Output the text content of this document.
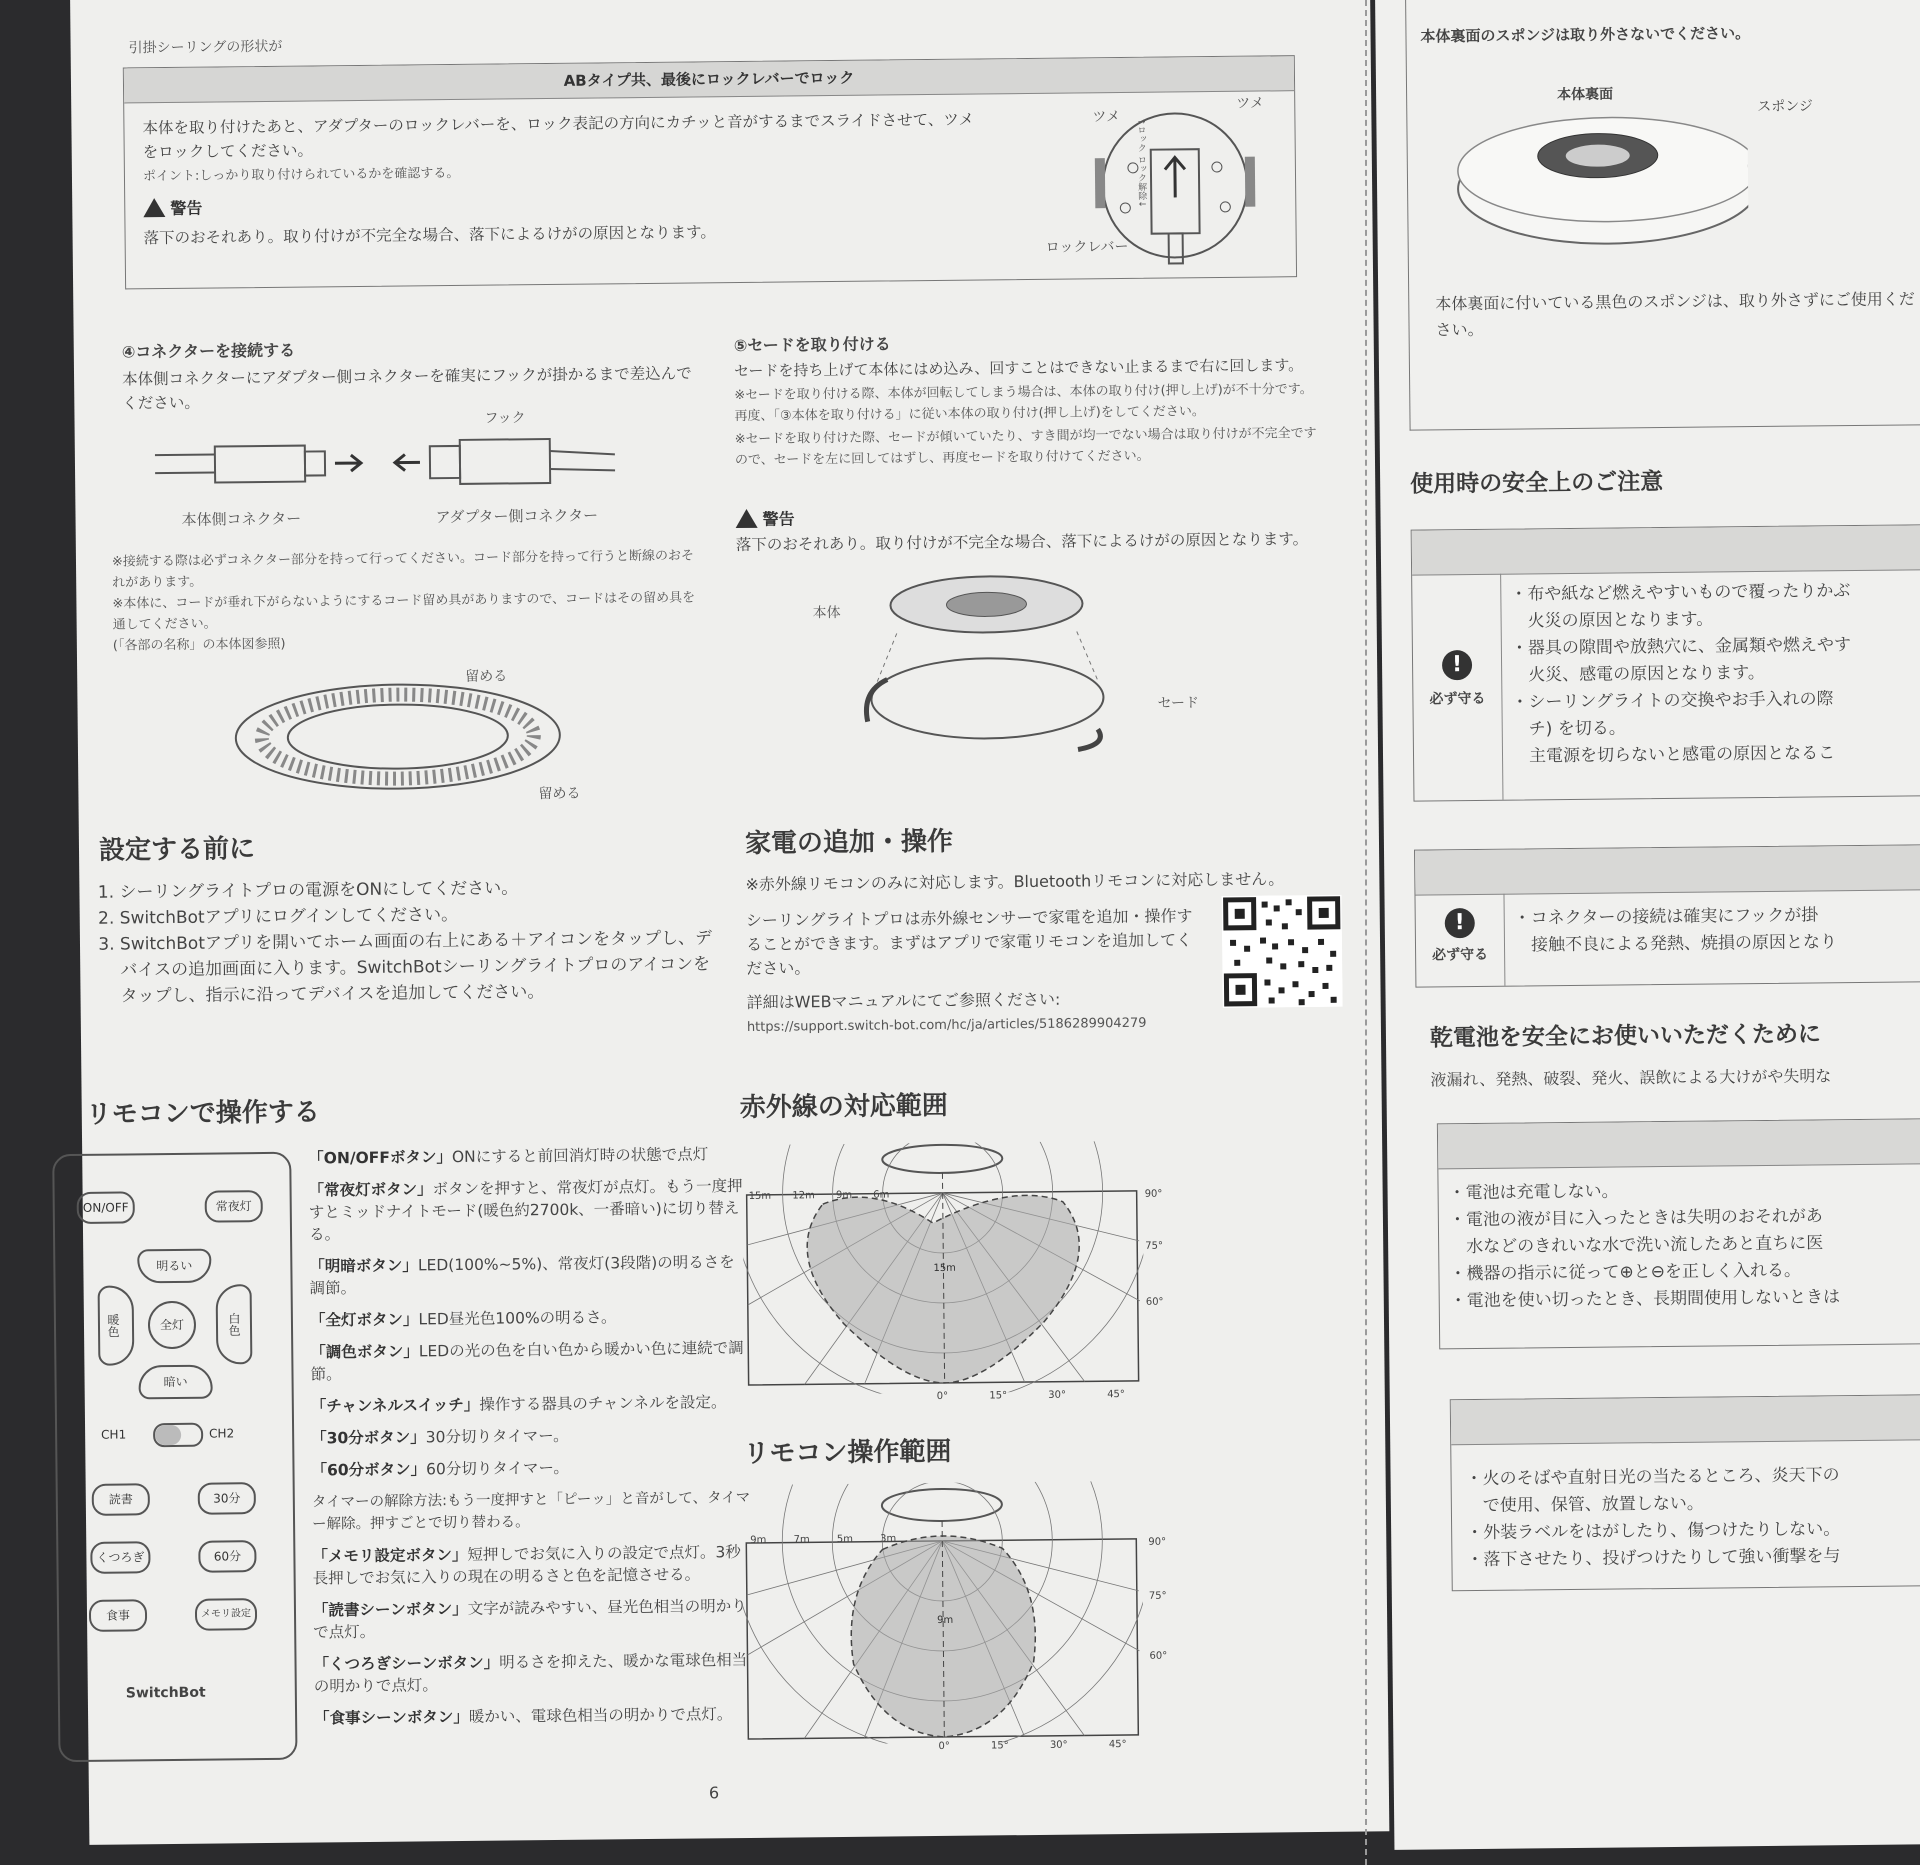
引掛シーリングの形状が
ABタイプ共、最後にロックレバーでロック
本体を取り付けたあと、アダプターのロックレバーを、ロック表記の方向にカチッと音がするまでスライドさせて、ツメ
をロックしてください。
ポイント:しっかり取り付けられているかを確認する。
警告
落下のおそれあり。取り付けが不完全な場合、落下によるけがの原因となります。
ツメ
ツメ
ロックレバー
↑ロック ロック解除↓
④コネクターを接続する
本体側コネクターにアダプター側コネクターを確実にフックが掛かるまで差込んでください。
フック
本体側コネクター	アダプター側コネクター
※接続する際は必ずコネクター部分を持って行ってください。コード部分を持って行うと断線のおそれがあります。
※本体に、コードが垂れ下がらないようにするコード留め具がありますので、コードはその留め具を通してください。
(「各部の名称」の本体図参照)
留める
留める
⑤セードを取り付ける
セードを持ち上げて本体にはめ込み、回すことはできない止まるまで右に回します。
※セードを取り付ける際、本体が回転してしまう場合は、本体の取り付け(押し上げ)が不十分です。再度、「③本体を取り付ける」に従い本体の取り付け(押し上げ)をしてください。
※セードを取り付けた際、セードが傾いていたり、すき間が均一でない場合は取り付けが不完全ですので、セードを左に回してはずし、再度セードを取り付けてください。
警告
落下のおそれあり。取り付けが不完全な場合、落下によるけがの原因となります。
本体
セード
設定する前に
1. シーリングライトプロの電源をONにしてください。
2. SwitchBotアプリにログインしてください。
3. SwitchBotアプリを開いてホーム画面の右上にある＋アイコンをタップし、デバイスの追加画面に入ります。SwitchBotシーリングライトプロのアイコンをタップし、指示に沿ってデバイスを追加してください。
家電の追加・操作
※赤外線リモコンのみに対応します。Bluetoothリモコンに対応しません。
シーリングライトプロは赤外線センサーで家電を追加・操作することができます。まずはアプリで家電リモコンを追加してください。
詳細はWEBマニュアルにてご参照ください:
https://support.switch-bot.com/hc/ja/articles/5186289904279
リモコンで操作する
ON/OFF	常夜灯
明るい
暖色	白色
全灯
暗い
CH1	CH2
読書	30分
くつろぎ	60分
食事	メモリ設定
SwitchBot

「ON/OFFボタン」ONにすると前回消灯時の状態で点灯

「常夜灯ボタン」ボタンを押すと、常夜灯が点灯。もう一度押すとミッドナイトモード(暖色約2700k、一番暗い)に切り替える。

「明暗ボタン」LED(100%~5%)、常夜灯(3段階)の明るさを調節。

「全灯ボタン」LED昼光色100%の明るさ。

「調色ボタン」LEDの光の色を白い色から暖かい色に連続で調節。

「チャンネルスイッチ」操作する器具のチャンネルを設定。

「30分ボタン」30分切りタイマー。

「60分ボタン」60分切りタイマー。

タイマーの解除方法:もう一度押すと「ピーッ」と音がして、タイマー解除。押すごとで切り替わる。

「メモリ設定ボタン」短押しでお気に入りの設定で点灯。3秒長押しでお気に入りの現在の明るさと色を記憶させる。

「読書シーンボタン」文字が読みやすい、昼光色相当の明かりで点灯。

「くつろぎシーンボタン」明るさを抑えた、暖かな電球色相当の明かりで点灯。

「食事シーンボタン」暖かい、電球色相当の明かりで点灯。

赤外線の対応範囲
15m 12m 9m 6m
15m
90°
75°
60°
0°	15°	30°	45°
リモコン操作範囲
9m	7m	5m	3m
9m
90°
75°
60°
0°	15°	30°	45°
6
本体裏面のスポンジは取り外さないでください。
本体裏面
スポンジ
本体裏面に付いている黒色のスポンジは、取り外さずにご使用ください。
使用時の安全上のご注意
!
必ず守る
・布や紙など燃えやすいもので覆ったりかぶ
　火災の原因となります。
・器具の隙間や放熱穴に、金属類や燃えやす
　火災、感電の原因となります。
・シーリングライトの交換やお手入れの際
　チ) を切る。
　主電源を切らないと感電の原因となるこ
!
必ず守る
・コネクターの接続は確実にフックが掛
　接触不良による発熱、焼損の原因となり
乾電池を安全にお使いいただくために
液漏れ、発熱、破裂、発火、誤飲による大けがや失明な
・電池は充電しない。
・電池の液が目に入ったときは失明のおそれがあ
　水などのきれいな水で洗い流したあと直ちに医
・機器の指示に従って⊕と⊖を正しく入れる。
・電池を使い切ったとき、長期間使用しないときは
・火のそばや直射日光の当たるところ、炎天下の
　で使用、保管、放置しない。
・外装ラベルをはがしたり、傷つけたりしない。
・落下させたり、投げつけたりして強い衝撃を与
